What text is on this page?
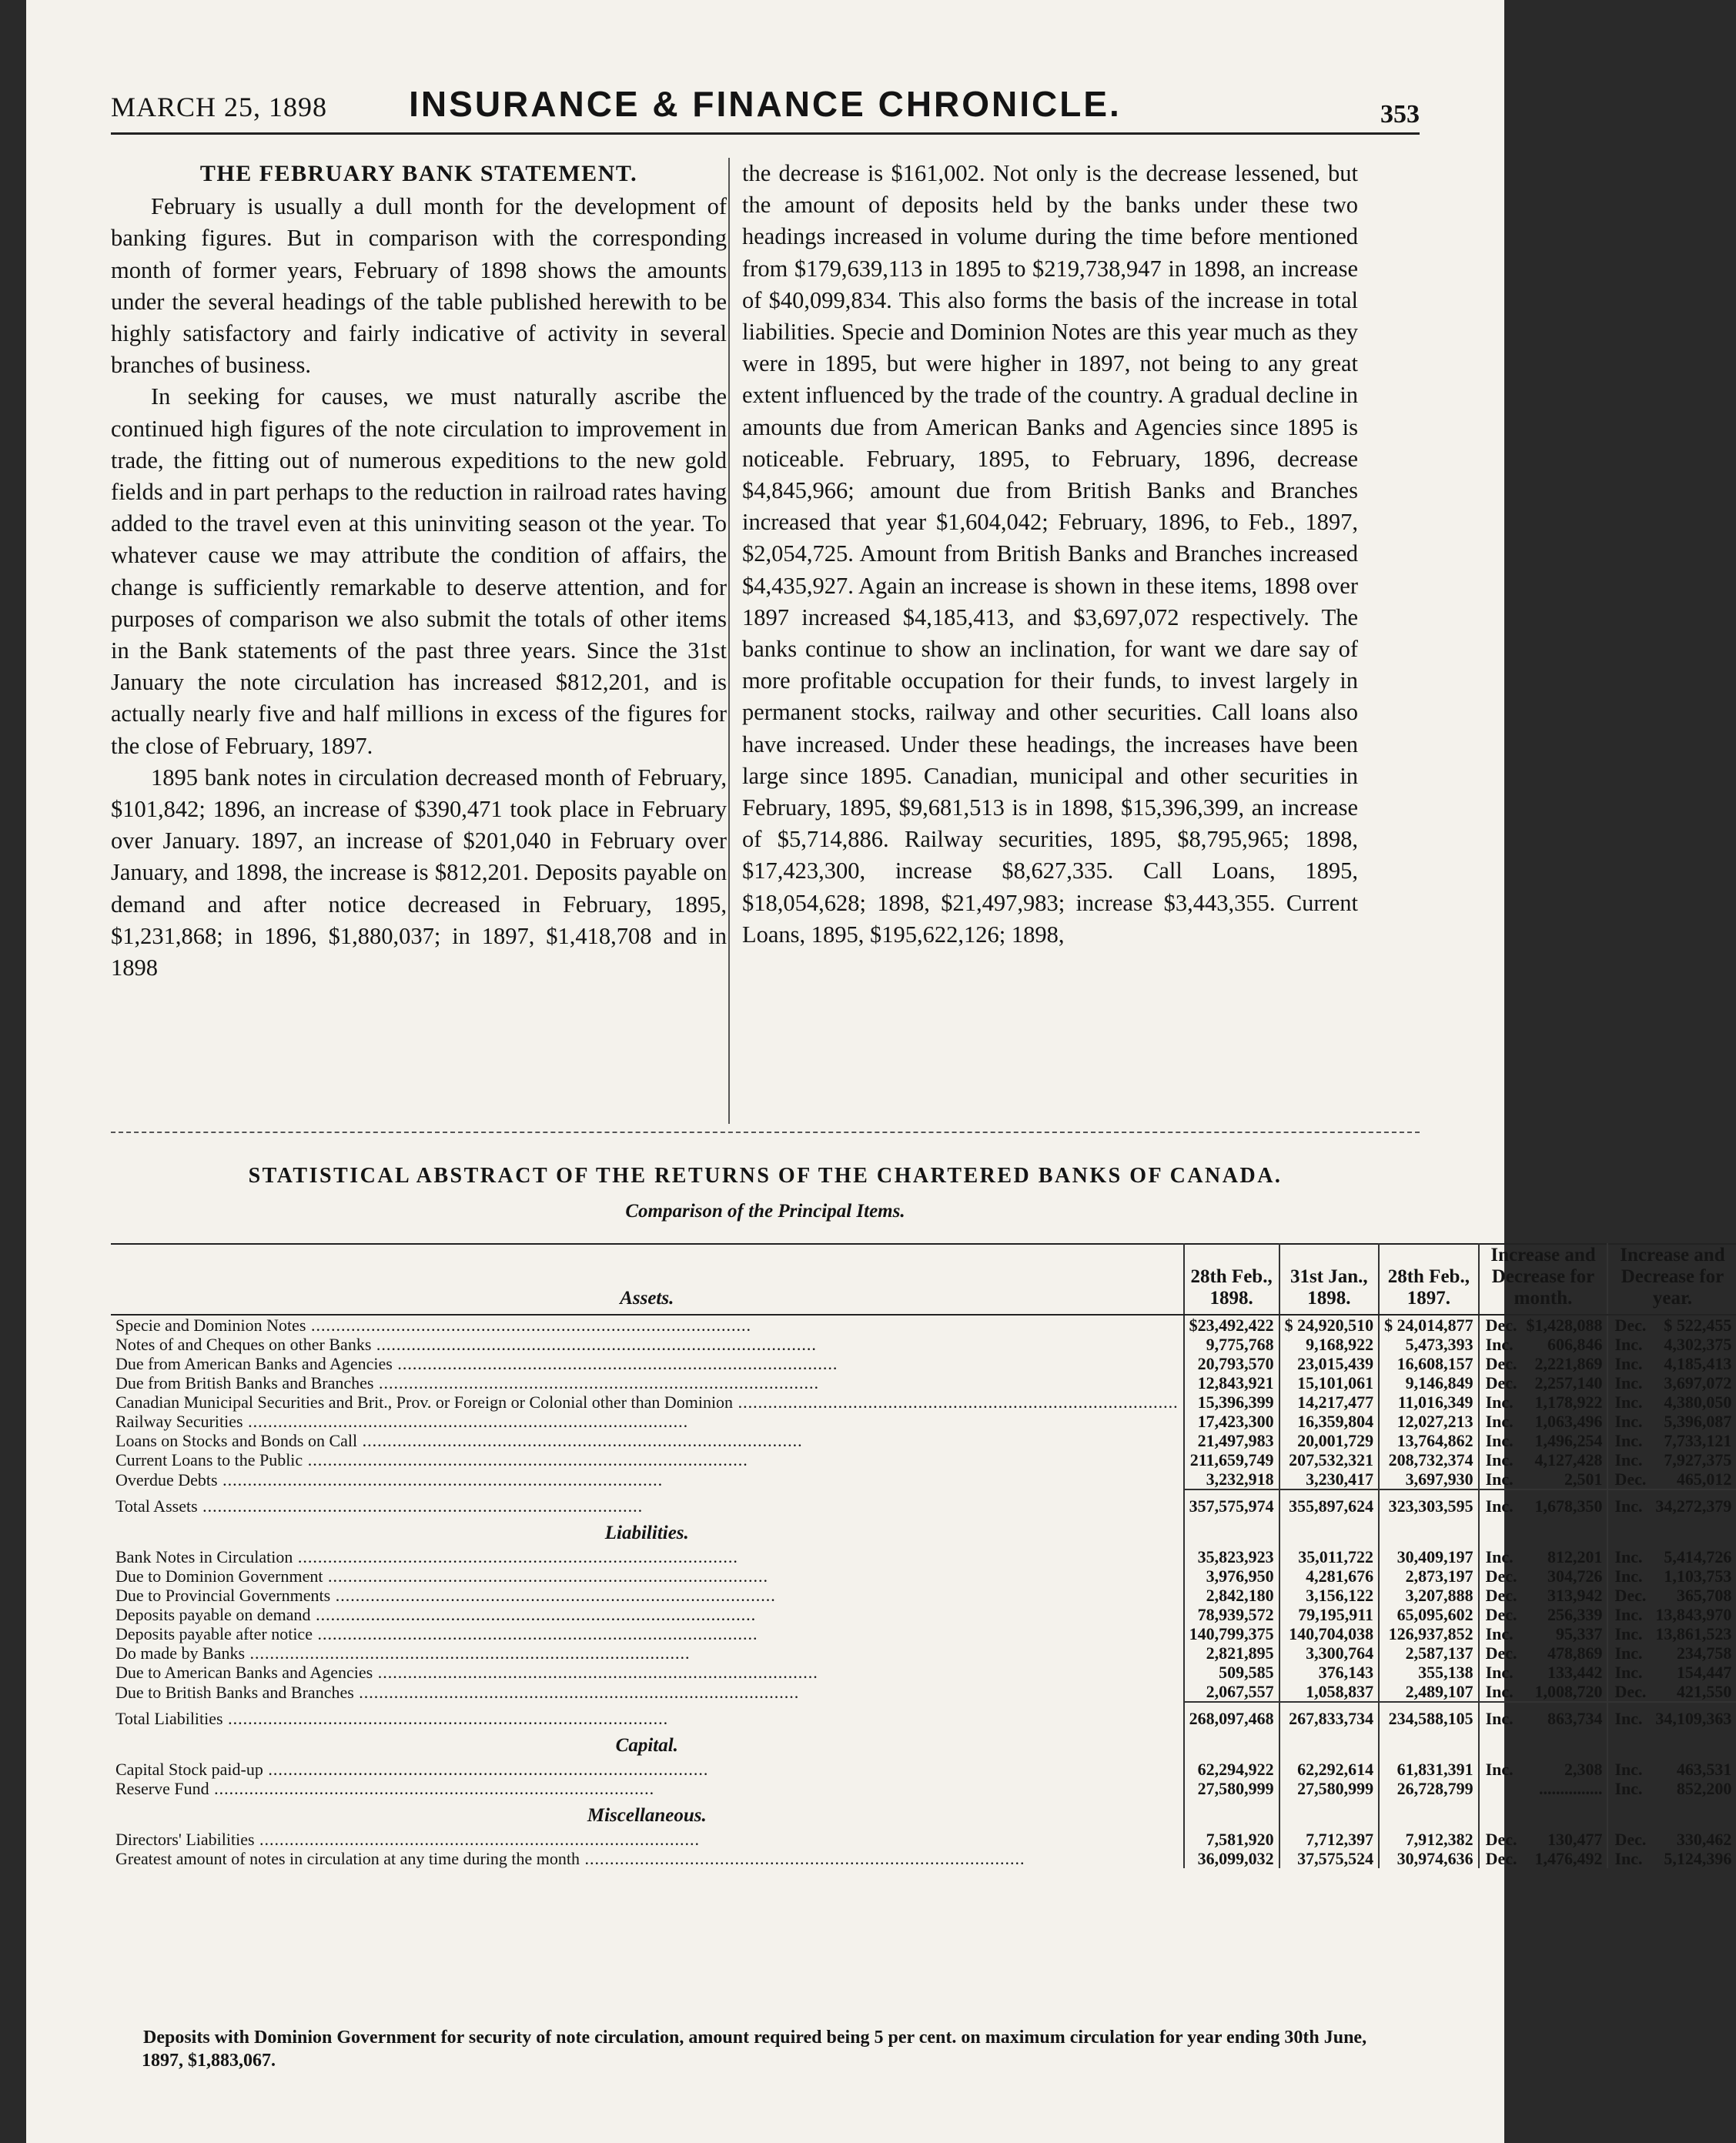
MARCH 25, 1898	INSURANCE & FINANCE CHRONICLE.	353
THE FEBRUARY BANK STATEMENT.

February is usually a dull month for the development of banking figures. But in comparison with the corresponding month of former years, February of 1898 shows the amounts under the several headings of the table published herewith to be highly satisfactory and fairly indicative of activity in several branches of business.

In seeking for causes, we must naturally ascribe the continued high figures of the note circulation to improvement in trade, the fitting out of numerous expeditions to the new gold fields and in part perhaps to the reduction in railroad rates having added to the travel even at this uninviting season ot the year. To whatever cause we may attribute the condition of affairs, the change is sufficiently remarkable to deserve attention, and for purposes of comparison we also submit the totals of other items in the Bank statements of the past three years. Since the 31st January the note circulation has increased $812,201, and is actually nearly five and half millions in excess of the figures for the close of February, 1897.

1895 bank notes in circulation decreased month of February, $101,842; 1896, an increase of $390,471 took place in February over January. 1897, an increase of $201,040 in February over January, and 1898, the increase is $812,201. Deposits payable on demand and after notice decreased in February, 1895, $1,231,868; in 1896, $1,880,037; in 1897, $1,418,708 and in 1898

the decrease is $161,002. Not only is the decrease lessened, but the amount of deposits held by the banks under these two headings increased in volume during the time before mentioned from $179,639,113 in 1895 to $219,738,947 in 1898, an increase of $40,099,834. This also forms the basis of the increase in total liabilities. Specie and Dominion Notes are this year much as they were in 1895, but were higher in 1897, not being to any great extent influenced by the trade of the country. A gradual decline in amounts due from American Banks and Agencies since 1895 is noticeable. February, 1895, to February, 1896, decrease $4,845,966; amount due from British Banks and Branches increased that year $1,604,042; February, 1896, to Feb., 1897, $2,054,725. Amount from British Banks and Branches increased $4,435,927. Again an increase is shown in these items, 1898 over 1897 increased $4,185,413, and $3,697,072 respectively. The banks continue to show an inclination, for want we dare say of more profitable occupation for their funds, to invest largely in permanent stocks, railway and other securities. Call loans also have increased. Under these headings, the increases have been large since 1895. Canadian, municipal and other securities in February, 1895, $9,681,513 is in 1898, $15,396,399, an increase of $5,714,886. Railway securities, 1895, $8,795,965; 1898, $17,423,300, increase $8,627,335. Call Loans, 1895, $18,054,628; 1898, $21,497,983; increase $3,443,355. Current Loans, 1895, $195,622,126; 1898,

STATISTICAL ABSTRACT OF THE RETURNS OF THE CHARTERED BANKS OF CANADA.
Comparison of the Principal Items.
Assets.	28th Feb., 1898.	31st Jan., 1898.	28th Feb., 1897.	Increase and Decrease for month.		Increase and Decrease for year.	
Specie and Dominion Notes ........................................................................................	$23,492,422	$ 24,920,510	$ 24,014,877	Dec.	$1,428,088	Dec.	$ 522,455
Notes of and Cheques on other Banks ........................................................................................	9,775,768	9,168,922	5,473,393	Inc.	606,846	Inc.	4,302,375
Due from American Banks and Agencies ........................................................................................	20,793,570	23,015,439	16,608,157	Dec.	2,221,869	Inc.	4,185,413
Due from British Banks and Branches ........................................................................................	12,843,921	15,101,061	9,146,849	Dec.	2,257,140	Inc.	3,697,072
Canadian Municipal Securities and Brit., Prov. or Foreign or Colonial other than Dominion ........................................................................................	15,396,399	14,217,477	11,016,349	Inc.	1,178,922	Inc.	4,380,050
Railway Securities ........................................................................................	17,423,300	16,359,804	12,027,213	Inc.	1,063,496	Inc.	5,396,087
Loans on Stocks and Bonds on Call ........................................................................................	21,497,983	20,001,729	13,764,862	Inc.	1,496,254	Inc.	7,733,121
Current Loans to the Public ........................................................................................	211,659,749	207,532,321	208,732,374	Inc.	4,127,428	Inc.	7,927,375
Overdue Debts ........................................................................................	3,232,918	3,230,417	3,697,930	Inc.	2,501	Dec.	465,012
Total Assets ........................................................................................	357,575,974	355,897,624	323,303,595	Inc.	1,678,350	Inc.	34,272,379
Liabilities.							
Bank Notes in Circulation ........................................................................................	35,823,923	35,011,722	30,409,197	Inc.	812,201	Inc.	5,414,726
Due to Dominion Government ........................................................................................	3,976,950	4,281,676	2,873,197	Dec.	304,726	Inc.	1,103,753
Due to Provincial Governments ........................................................................................	2,842,180	3,156,122	3,207,888	Dec.	313,942	Dec.	365,708
Deposits payable on demand ........................................................................................	78,939,572	79,195,911	65,095,602	Dec.	256,339	Inc.	13,843,970
Deposits payable after notice ........................................................................................	140,799,375	140,704,038	126,937,852	Inc.	95,337	Inc.	13,861,523
Do made by Banks ........................................................................................	2,821,895	3,300,764	2,587,137	Dec.	478,869	Inc.	234,758
Due to American Banks and Agencies ........................................................................................	509,585	376,143	355,138	Inc.	133,442	Inc.	154,447
Due to British Banks and Branches ........................................................................................	2,067,557	1,058,837	2,489,107	Inc.	1,008,720	Dec.	421,550
Total Liabilities ........................................................................................	268,097,468	267,833,734	234,588,105	Inc.	863,734	Inc.	34,109,363
Capital.							
Capital Stock paid-up ........................................................................................	62,294,922	62,292,614	61,831,391	Inc.	2,308	Inc.	463,531
Reserve Fund ........................................................................................	27,580,999	27,580,999	26,728,799		...............	Inc.	852,200
Miscellaneous.							
Directors' Liabilities ........................................................................................	7,581,920	7,712,397	7,912,382	Dec.	130,477	Dec.	330,462
Greatest amount of notes in circulation at any time during the month ........................................................................................	36,099,032	37,575,524	30,974,636	Dec.	1,476,492	Inc.	5,124,396
Deposits with Dominion Government for security of note circulation, amount required being 5 per cent. on maximum circulation for year ending 30th June, 1897, $1,883,067.
